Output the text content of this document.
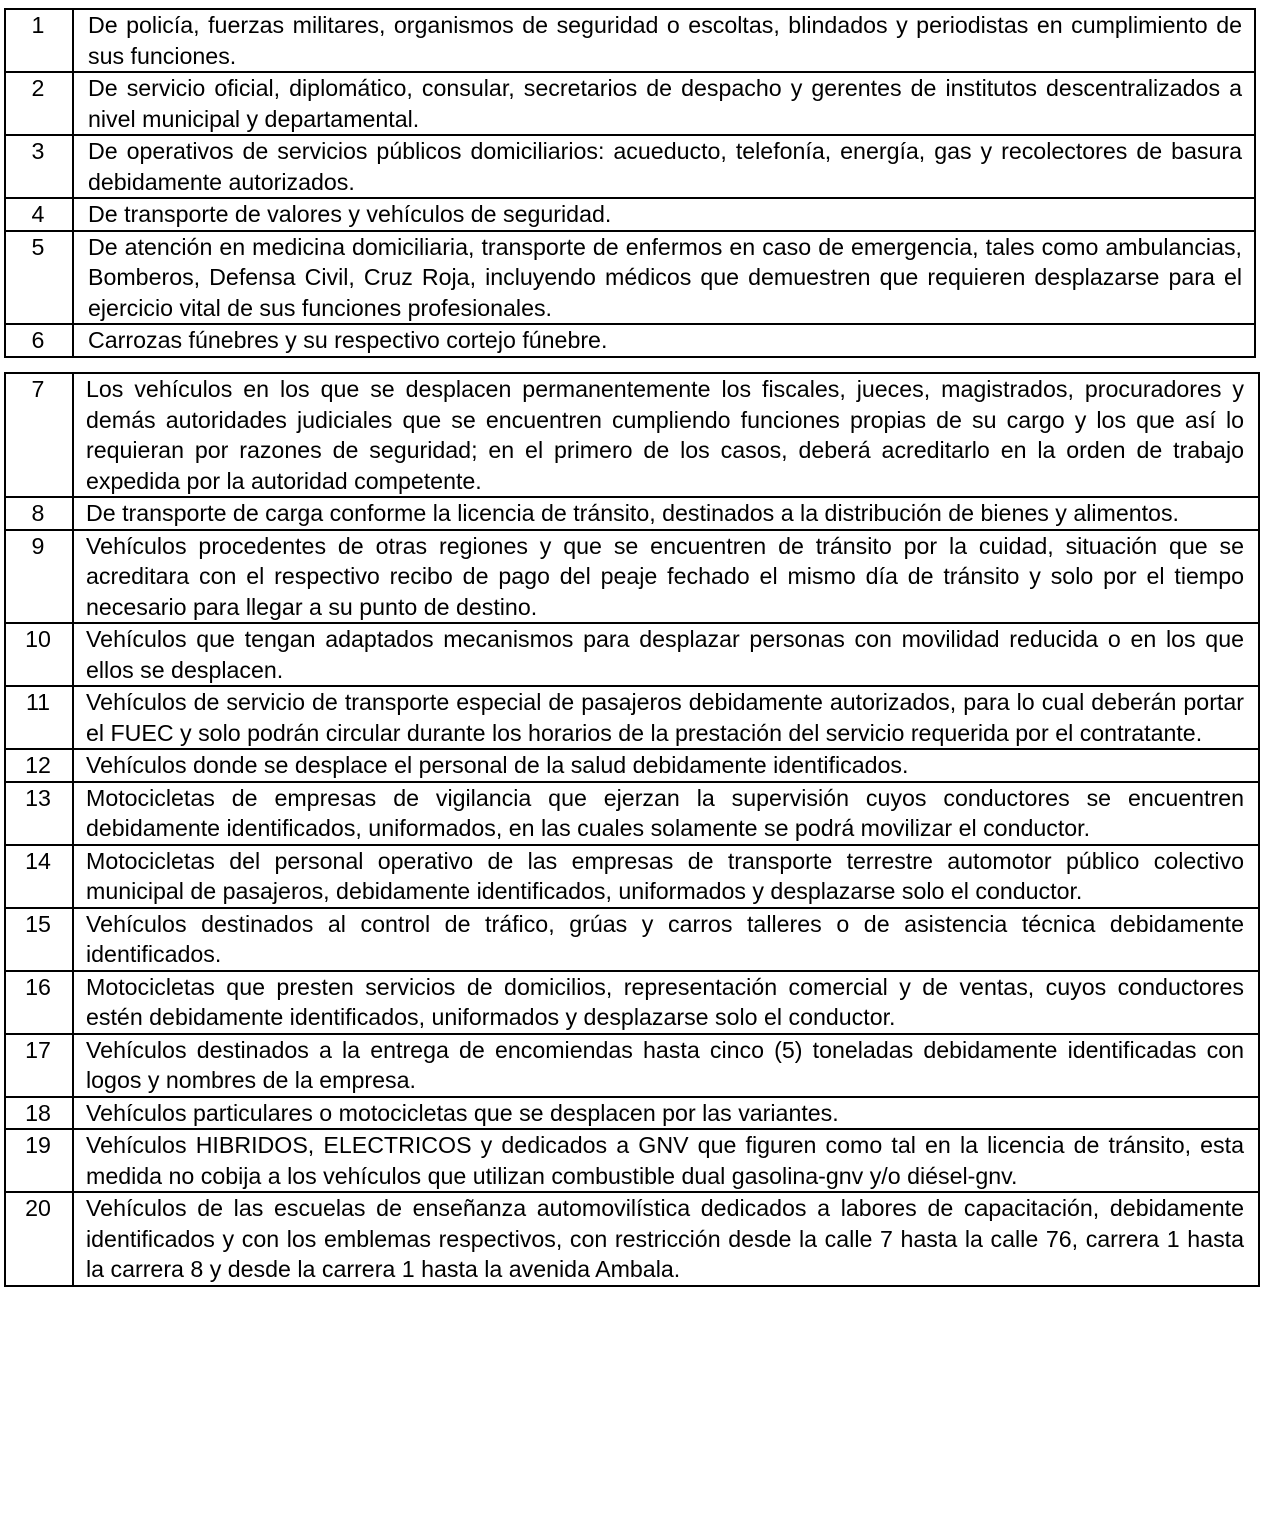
1	De policía, fuerzas militares, organismos de seguridad o escoltas, blindados y periodistas en cumplimiento de sus funciones.
2	De servicio oficial, diplomático, consular, secretarios de despacho y gerentes de institutos descentralizados a nivel municipal y departamental.
3	De operativos de servicios públicos domiciliarios: acueducto, telefonía, energía, gas y recolectores de basura debidamente autorizados.
4	De transporte de valores y vehículos de seguridad.
5	De atención en medicina domiciliaria, transporte de enfermos en caso de emergencia, tales como ambulancias, Bomberos, Defensa Civil, Cruz Roja, incluyendo médicos que demuestren que requieren desplazarse para el ejercicio vital de sus funciones profesionales.
6	Carrozas fúnebres y su respectivo cortejo fúnebre.
7	Los vehículos en los que se desplacen permanentemente los fiscales, jueces, magistrados, procuradores y demás autoridades judiciales que se encuentren cumpliendo funciones propias de su cargo y los que así lo requieran por razones de seguridad; en el primero de los casos, deberá acreditarlo en la orden de trabajo expedida por la autoridad competente.
8	De transporte de carga conforme la licencia de tránsito, destinados a la distribución de bienes y alimentos.
9	Vehículos procedentes de otras regiones y que se encuentren de tránsito por la cuidad, situación que se acreditara con el respectivo recibo de pago del peaje fechado el mismo día de tránsito y solo por el tiempo necesario para llegar a su punto de destino.
10	Vehículos que tengan adaptados mecanismos para desplazar personas con movilidad reducida o en los que ellos se desplacen.
11	Vehículos de servicio de transporte especial de pasajeros debidamente autorizados, para lo cual deberán portar el FUEC y solo podrán circular durante los horarios de la prestación del servicio requerida por el contratante.
12	Vehículos donde se desplace el personal de la salud debidamente identificados.
13	Motocicletas de empresas de vigilancia que ejerzan la supervisión cuyos conductores se encuentren debidamente identificados, uniformados, en las cuales solamente se podrá movilizar el conductor.
14	Motocicletas del personal operativo de las empresas de transporte terrestre automotor público colectivo municipal de pasajeros, debidamente identificados, uniformados y desplazarse solo el conductor.
15	Vehículos destinados al control de tráfico, grúas y carros talleres o de asistencia técnica debidamente identificados.
16	Motocicletas que presten servicios de domicilios, representación comercial y de ventas, cuyos conductores estén debidamente identificados, uniformados y desplazarse solo el conductor.
17	Vehículos destinados a la entrega de encomiendas hasta cinco (5) toneladas debidamente identificadas con logos y nombres de la empresa.
18	Vehículos particulares o motocicletas que se desplacen por las variantes.
19	Vehículos HIBRIDOS, ELECTRICOS y dedicados a GNV que figuren como tal en la licencia de tránsito, esta medida no cobija a los vehículos que utilizan combustible dual gasolina-gnv y/o diésel-gnv.
20	Vehículos de las escuelas de enseñanza automovilística dedicados a labores de capacitación, debidamente identificados y con los emblemas respectivos, con restricción desde la calle 7 hasta la calle 76, carrera 1 hasta la carrera 8 y desde la carrera 1 hasta la avenida Ambala.
